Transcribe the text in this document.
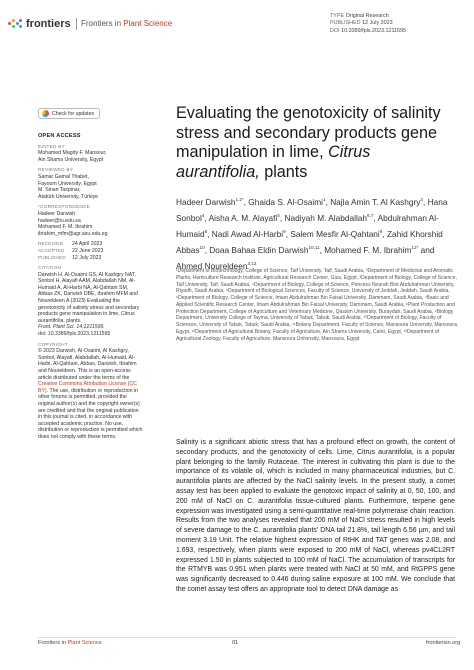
frontiers Frontiers in Plant Science
TYPE Original Research
PUBLISHED 12 July 2023
DOI 10.3389/fpls.2023.1211595
Check for updates
OPEN ACCESS
EDITED BY
Mohamed Magdy F. Mansour,
Ain Shams University, Egypt
REVIEWED BY
Samar Gamal Thabet,
Fayoum University, Egypt
M. Sinan Taspinar,
Atatürk University, Türkiye
*CORRESPONDENCE
Hadeer Darwish
hadeer@tu.edu.sa
Mohamed F. M. Ibrahim
ibrahim_mfm@agr.asu.edu.eg
RECEIVED	24 April 2023
ACCEPTED	22 June 2023
PUBLISHED	12 July 2023
CITATION
Darwish H, Al-Osaimi GS, Al Kashgry NAT, Sonbol H, Alayafi AAM, Alabdallah NM, Al-Humaid A, Al-Harbi NA, Al-Qahtani SM, Abbas ZK, Darwish DBE, Ibrahim MFM and Noureldeen A (2023) Evaluating the genotoxicity of salinity stress and secondary products gene manipulation in lime, Citrus aurantifolia, plants.
Front. Plant Sci. 14:1211595.
doi: 10.3389/fpls.2023.1211595
COPYRIGHT
© 2023 Darwish, Al-Osaimi, Al Kashgry, Sonbol, Alayafi, Alabdallah, Al-Humaid, Al-Harbi, Al-Qahtani, Abbas, Darwish, Ibrahim and Noureldeen. This is an open-access article distributed under the terms of the Creative Commons Attribution License (CC BY). The use, distribution or reproduction in other forums is permitted, provided the original author(s) and the copyright owner(s) are credited and that the original publication in this journal is cited, in accordance with accepted academic practice. No use, distribution or reproduction is permitted which does not comply with these terms.
Evaluating the genotoxicity of salinity stress and secondary products gene manipulation in lime, Citrus aurantifolia, plants
Hadeer Darwish$^{1,2*}$, Ghaida S. Al-Osaimi$^1$, Najla Amin T. Al Kashgry$^3$, Hana Sonbol$^4$, Aisha A. M. Alayafi$^5$, Nadiyah M. Alabdallah$^{6,7}$, Abdulrahman Al-Humaid$^8$, Nadi Awad Al-Harbi$^9$, Salem Mesfir Al-Qahtani$^9$, Zahid Khorshid Abbas$^{10}$, Doaa Bahaa Eldin Darwish$^{10,11}$, Mohamed F. M. Ibrahim$^{12*}$ and Ahmed Noureldeen$^{3,13}$
¹Department of Biotechnology, College of Science, Taif University, Taif, Saudi Arabia, ²Department of Medicinal and Aromatic Plants, Horticulture Research Institute, Agricultural Research Center, Giza, Egypt, ³Department of Biology, College of Science, Taif University, Taif, Saudi Arabia, ⁴Department of Biology, College of Science, Princess Nourah Bint Abdulrahman University, Riyadh, Saudi Arabia, ⁵Department of Biological Sciences, Faculty of Science, University of Jeddah, Jeddah, Saudi Arabia, ⁶Department of Biology, College of Science, Imam Abdulrahman Bin Faisal University, Dammam, Saudi Arabia, ⁷Basic and Applied Scientific Research Center, Imam Abdulrahman Bin Faisal University, Dammam, Saudi Arabia, ⁸Plant Production and Protection Department, College of Agriculture and Veterinary Medicine, Qassim University, Buraydah, Saudi Arabia, ⁹Biology Department, University College of Tayma, University of Tabuk, Tabuk, Saudi Arabia, ¹⁰Department of Biology, Faculty of Sciences, University of Tabuk, Tabuk, Saudi Arabia, ¹¹Botany Department, Faculty of Science, Mansoura University, Mansoura, Egypt, ¹²Department of Agricultural Botany, Faculty of Agriculture, Ain Shams University, Cairo, Egypt, ¹³Department of Agricultural Zoology, Faculty of Agriculture, Mansoura University, Mansoura, Egypt
Salinity is a significant abiotic stress that has a profound effect on growth, the content of secondary products, and the genotoxicity of cells. Lime, Citrus aurantifolia, is a popular plant belonging to the family Rutaceae. The interest in cultivating this plant is due to the importance of its volatile oil, which is included in many pharmaceutical industries, but C. aurantifolia plants are affected by the NaCl salinity levels. In the present study, a comet assay test has been applied to evaluate the genotoxic impact of salinity at 0, 50, 100, and 200 mM of NaCl on C. aurantifolia tissue-cultured plants. Furthermore, terpene gene expression was investigated using a semi-quantitative real-time polymerase chain reaction. Results from the two analyses revealed that 200 mM of NaCl stress resulted in high levels of severe damage to the C. aurantifolia plants' DNA tail 21.8%, tail length 6.56 μm, and tail moment 3.19 Unit. The relative highest expression of RtHK and TAT genes was 2.08, and 1.693, respectively, when plants were exposed to 200 mM of NaCl, whereas pv4CL2RT expressed 1.50 in plants subjected to 100 mM of NaCl. The accumulation of transcripts for the RTMYB was 0.951 when plants were treated with NaCl at 50 mM, and RtGPPS gene was significantly decreased to 0.446 during saline exposure at 100 mM. We conclude that the comet assay test offers an appropriate tool to detect DNA damage as
Frontiers in Plant Science	01	frontiersin.org
